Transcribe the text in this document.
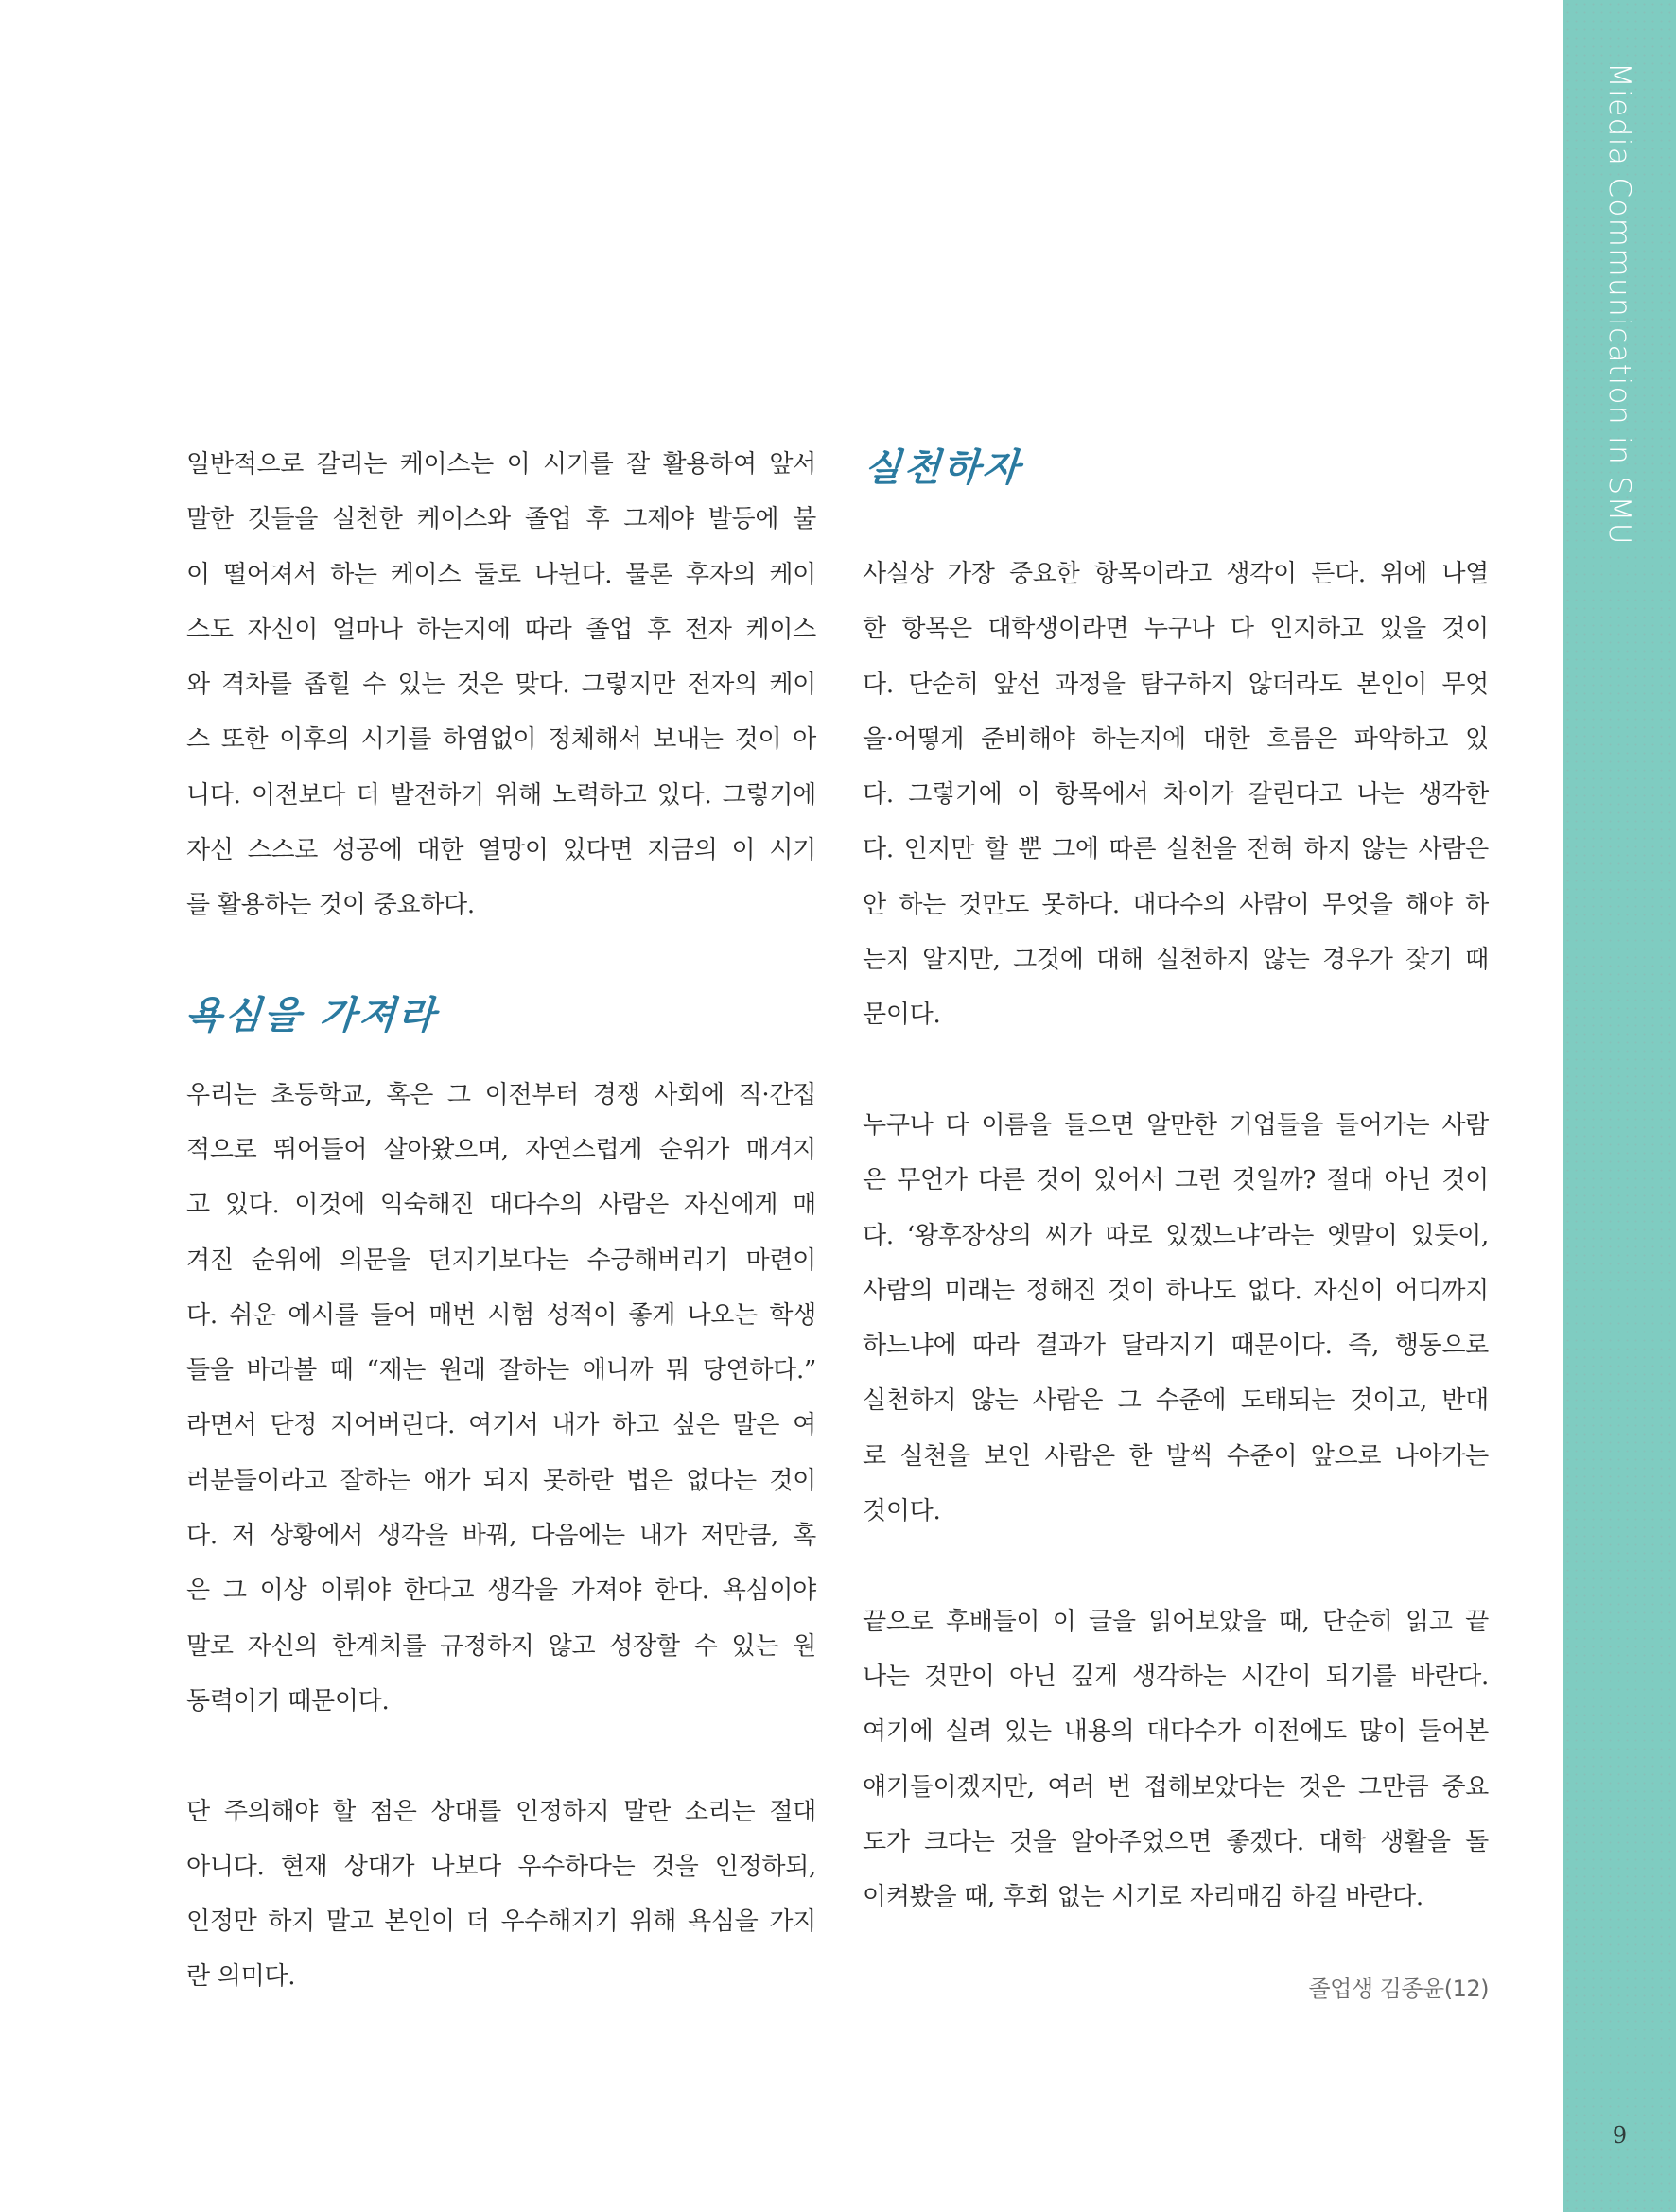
일반적으로 갈리는 케이스는 이 시기를 잘 활용하여 앞서
말한 것들을 실천한 케이스와 졸업 후 그제야 발등에 불
이 떨어져서 하는 케이스 둘로 나뉜다. 물론 후자의 케이
스도 자신이 얼마나 하는지에 따라 졸업 후 전자 케이스
와 격차를 좁힐 수 있는 것은 맞다. 그렇지만 전자의 케이
스 또한 이후의 시기를 하염없이 정체해서 보내는 것이 아
니다. 이전보다 더 발전하기 위해 노력하고 있다. 그렇기에
자신 스스로 성공에 대한 열망이 있다면 지금의 이 시기
를 활용하는 것이 중요하다.
욕심을 가져라
우리는 초등학교, 혹은 그 이전부터 경쟁 사회에 직·간접
적으로 뛰어들어 살아왔으며, 자연스럽게 순위가 매겨지
고 있다. 이것에 익숙해진 대다수의 사람은 자신에게 매
겨진 순위에 의문을 던지기보다는 수긍해버리기 마련이
다. 쉬운 예시를 들어 매번 시험 성적이 좋게 나오는 학생
들을 바라볼 때 “재는 원래 잘하는 애니까 뭐 당연하다.”
라면서 단정 지어버린다. 여기서 내가 하고 싶은 말은 여
러분들이라고 잘하는 애가 되지 못하란 법은 없다는 것이
다. 저 상황에서 생각을 바꿔, 다음에는 내가 저만큼, 혹
은 그 이상 이뤄야 한다고 생각을 가져야 한다. 욕심이야
말로 자신의 한계치를 규정하지 않고 성장할 수 있는 원
동력이기 때문이다.
단 주의해야 할 점은 상대를 인정하지 말란 소리는 절대
아니다. 현재 상대가 나보다 우수하다는 것을 인정하되,
인정만 하지 말고 본인이 더 우수해지기 위해 욕심을 가지
란 의미다.
실천하자
사실상 가장 중요한 항목이라고 생각이 든다. 위에 나열
한 항목은 대학생이라면 누구나 다 인지하고 있을 것이
다. 단순히 앞선 과정을 탐구하지 않더라도 본인이 무엇
을·어떻게 준비해야 하는지에 대한 흐름은 파악하고 있
다. 그렇기에 이 항목에서 차이가 갈린다고 나는 생각한
다. 인지만 할 뿐 그에 따른 실천을 전혀 하지 않는 사람은
안 하는 것만도 못하다. 대다수의 사람이 무엇을 해야 하
는지 알지만, 그것에 대해 실천하지 않는 경우가 잦기 때
문이다.
누구나 다 이름을 들으면 알만한 기업들을 들어가는 사람
은 무언가 다른 것이 있어서 그런 것일까? 절대 아닌 것이
다. ‘왕후장상의 씨가 따로 있겠느냐’라는 옛말이 있듯이,
사람의 미래는 정해진 것이 하나도 없다. 자신이 어디까지
하느냐에 따라 결과가 달라지기 때문이다. 즉, 행동으로
실천하지 않는 사람은 그 수준에 도태되는 것이고, 반대
로 실천을 보인 사람은 한 발씩 수준이 앞으로 나아가는
것이다.
끝으로 후배들이 이 글을 읽어보았을 때, 단순히 읽고 끝
나는 것만이 아닌 깊게 생각하는 시간이 되기를 바란다.
여기에 실려 있는 내용의 대다수가 이전에도 많이 들어본
얘기들이겠지만, 여러 번 접해보았다는 것은 그만큼 중요
도가 크다는 것을 알아주었으면 좋겠다. 대학 생활을 돌
이켜봤을 때, 후회 없는 시기로 자리매김 하길 바란다.
졸업생 김종윤(12)
Miedia Communication in SMU
9
